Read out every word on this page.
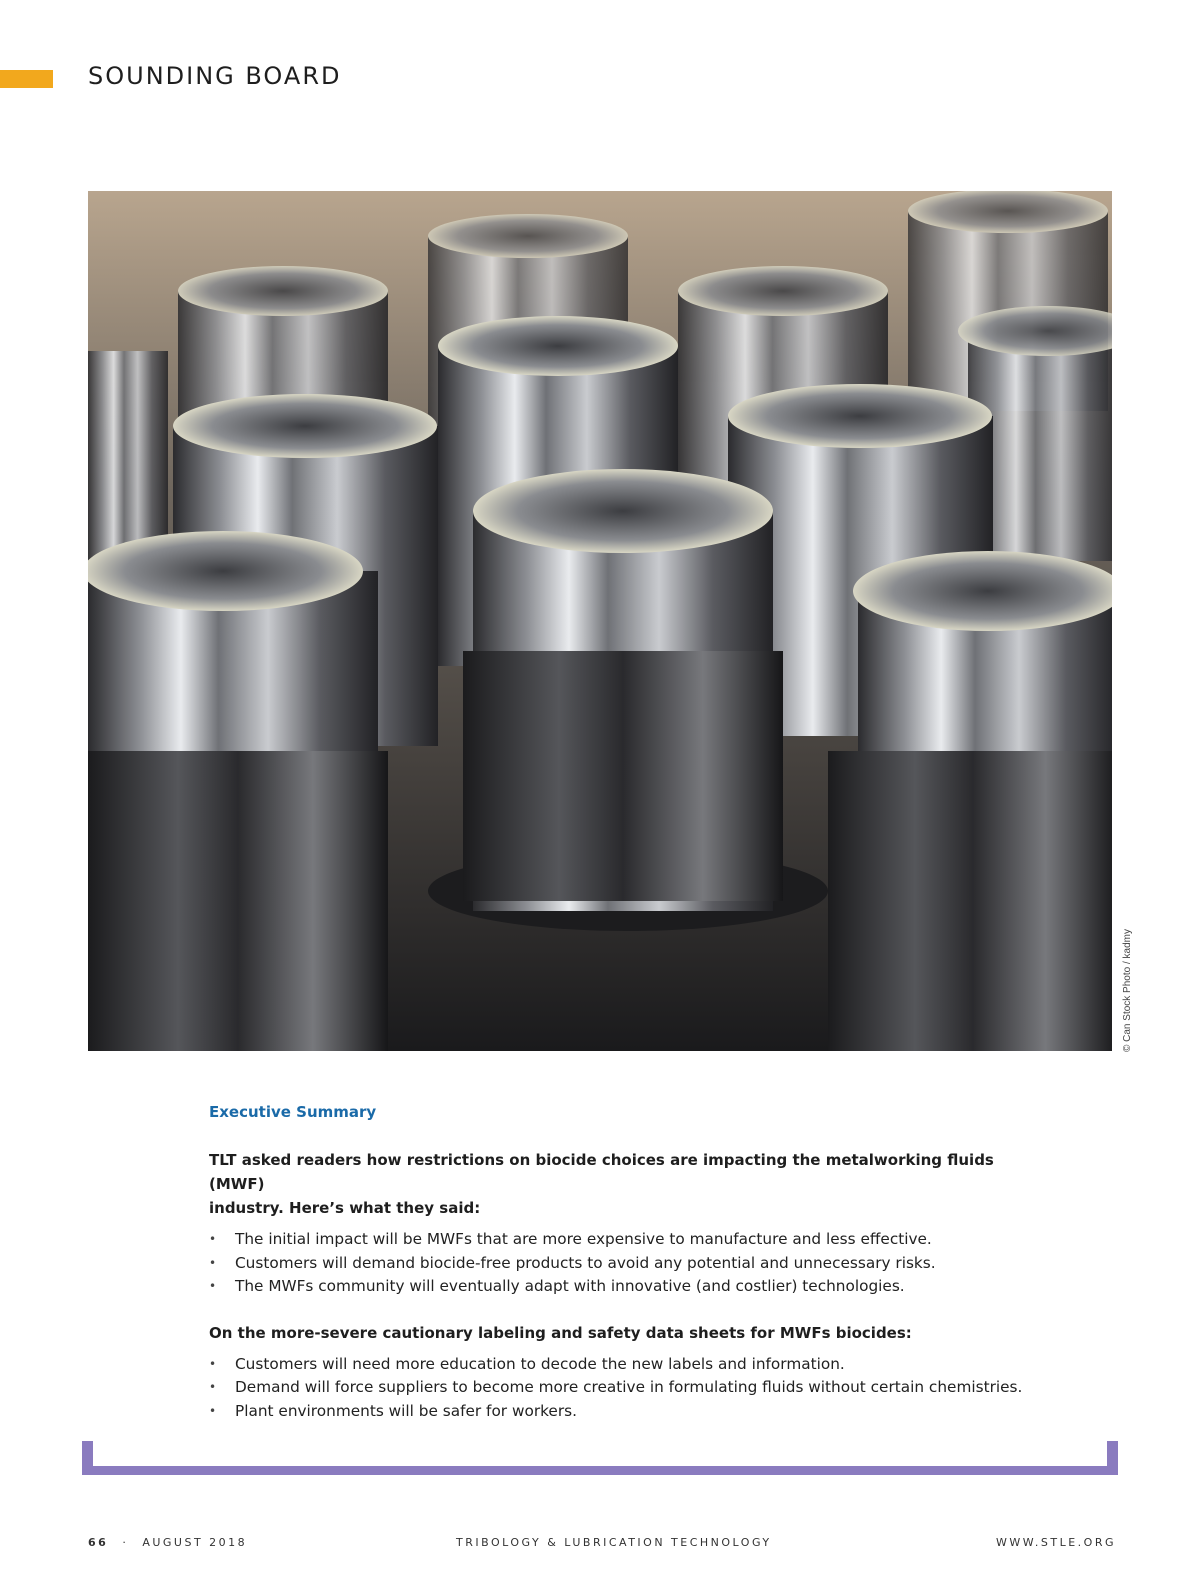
SOUNDING BOARD
© Can Stock Photo / kadmy
Executive Summary
TLT asked readers how restrictions on biocide choices are impacting the metalworking fluids (MWF)
industry. Here’s what they said:
• The initial impact will be MWFs that are more expensive to manufacture and less effective.
• Customers will demand biocide-free products to avoid any potential and unnecessary risks.
• The MWFs community will eventually adapt with innovative (and costlier) technologies.
On the more-severe cautionary labeling and safety data sheets for MWFs biocides:
• Customers will need more education to decode the new labels and information.
• Demand will force suppliers to become more creative in formulating fluids without certain chemistries.
• Plant environments will be safer for workers.
66 · AUGUST 2018	TRIBOLOGY & LUBRICATION TECHNOLOGY	WWW.STLE.ORG
